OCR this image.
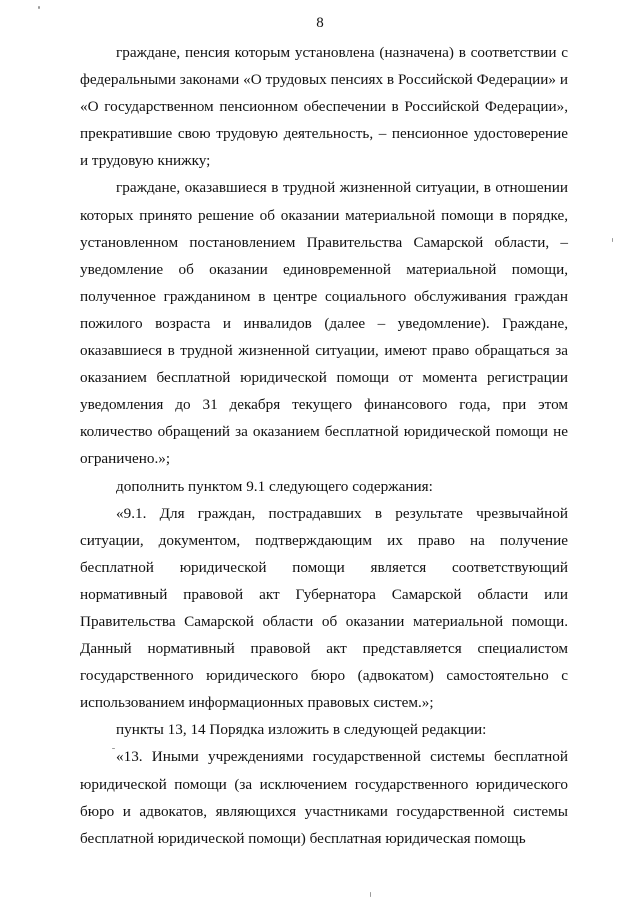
8

граждане, пенсия которым установлена (назначена) в соответствии с федеральными законами «О трудовых пенсиях в Российской Федерации» и «О государственном пенсионном обеспечении в Российской Федерации», прекратившие свою трудовую деятельность, – пенсионное удостоверение и трудовую книжку;

граждане, оказавшиеся в трудной жизненной ситуации, в отношении которых принято решение об оказании материальной помощи в порядке, установленном постановлением Правительства Самарской области, – уведомление об оказании единовременной материальной помощи, полученное гражданином в центре социального обслуживания граждан пожилого возраста и инвалидов (далее – уведомление). Граждане, оказавшиеся в трудной жизненной ситуации, имеют право обращаться за оказанием бесплатной юридической помощи от момента регистрации уведомления до 31 декабря текущего финансового года, при этом количество обращений за оказанием бесплатной юридической помощи не ограничено.»;

дополнить пунктом 9.1 следующего содержания:

«9.1. Для граждан, пострадавших в результате чрезвычайной ситуации, документом, подтверждающим их право на получение бесплатной юридической помощи является соответствующий нормативный правовой акт Губернатора Самарской области или Правительства Самарской области об оказании материальной помощи. Данный нормативный правовой акт представляется специалистом государственного юридического бюро (адвокатом) самостоятельно с использованием информационных правовых систем.»;

пункты 13, 14 Порядка изложить в следующей редакции:

«13. Иными учреждениями государственной системы бесплатной юридической помощи (за исключением государственного юридического бюро и адвокатов, являющихся участниками государственной системы бесплатной юридической помощи) бесплатная юридическая помощь
